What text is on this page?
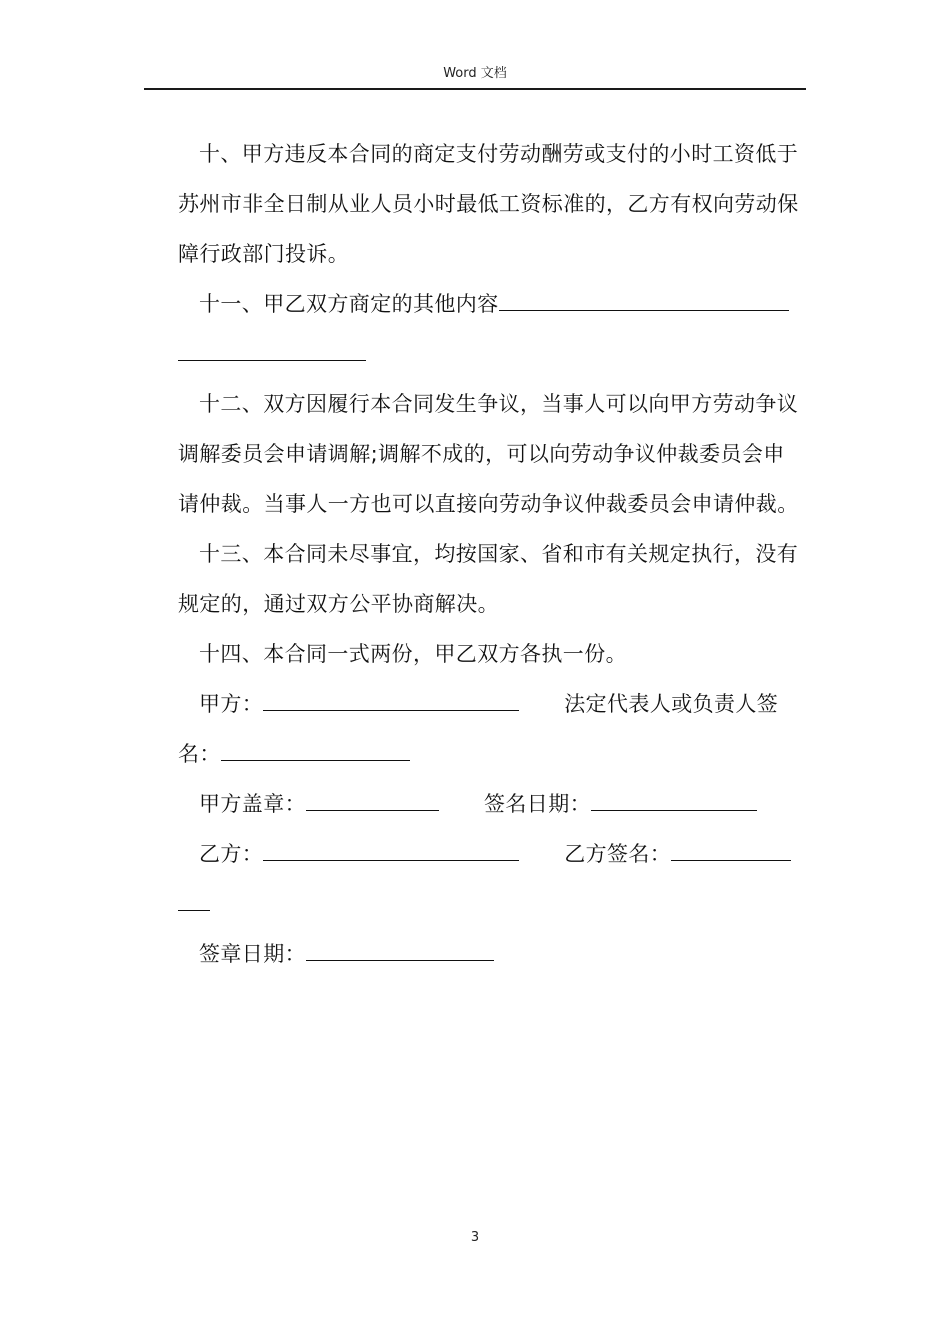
Word 文档

十、甲方违反本合同的商定支付劳动酬劳或支付的小时工资低于苏州市非全日制从业人员小时最低工资标准的，乙方有权向劳动保障行政部门投诉。

十一、甲乙双方商定的其他内容

十二、双方因履行本合同发生争议，当事人可以向甲方劳动争议调解委员会申请调解;调解不成的，可以向劳动争议仲裁委员会申请仲裁。当事人一方也可以直接向劳动争议仲裁委员会申请仲裁。

十三、本合同未尽事宜，均按国家、省和市有关规定执行，没有规定的，通过双方公平协商解决。

十四、本合同一式两份，甲乙双方各执一份。

甲方：	法定代表人或负责人签

名：

甲方盖章：	签名日期：

乙方：	乙方签名：

签章日期：

3
